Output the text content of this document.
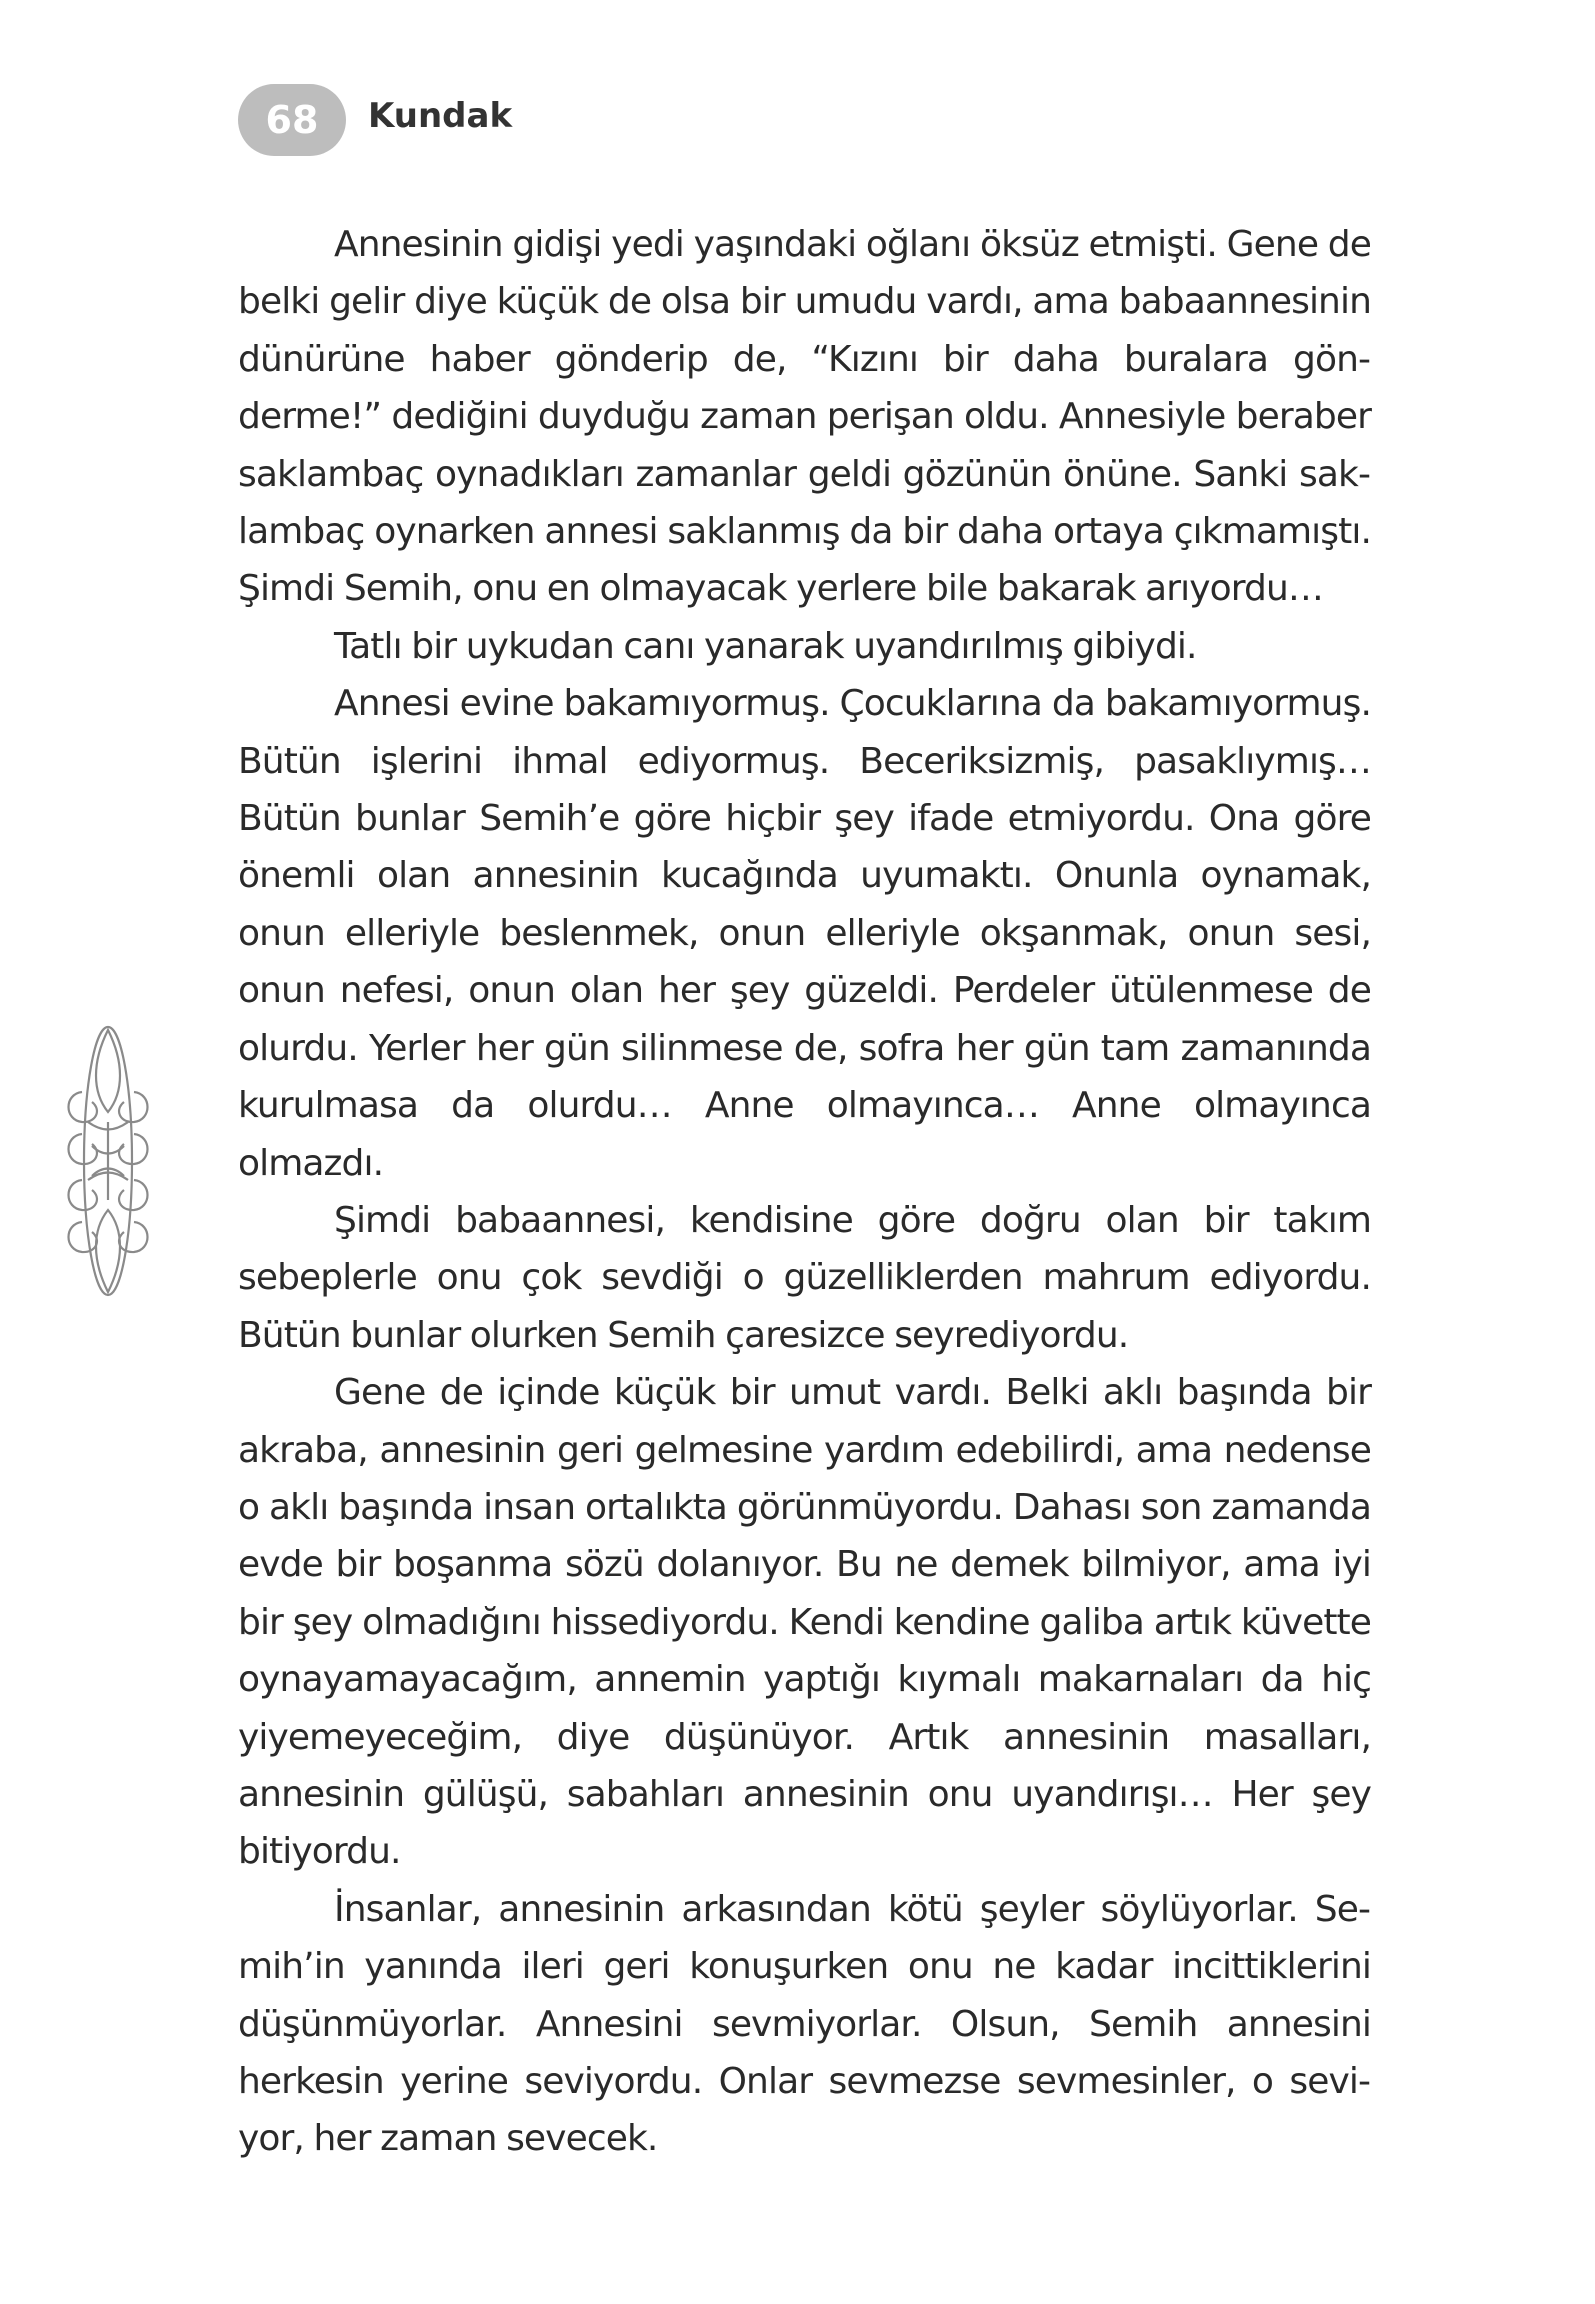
68	Kundak

Annesinin gidişi yedi yaşındaki oğlanı öksüz etmişti. Gene de belki gelir diye küçük de olsa bir umudu vardı, ama babaannesinin dünürüne haber gönderip de, “Kızını bir daha buralara gönderme!” dediğini duyduğu zaman perişan oldu. Annesiyle beraber saklambaç oynadıkları zamanlar geldi gözünün önüne. Sanki saklambaç oynarken annesi saklanmış da bir daha ortaya çıkmamıştı. Şimdi Semih, onu en olmayacak yerlere bile bakarak arıyordu…

Tatlı bir uykudan canı yanarak uyandırılmış gibiydi.

Annesi evine bakamıyormuş. Çocuklarına da bakamıyormuş. Bütün işlerini ihmal ediyormuş. Beceriksizmiş, pasaklıymış… Bütün bunlar Semih’e göre hiçbir şey ifade etmiyordu. Ona göre önemli olan annesinin kucağında uyumaktı. Onunla oynamak, onun elleriyle beslenmek, onun elleriyle okşanmak, onun sesi, onun nefesi, onun olan her şey güzeldi. Perdeler ütülenmese de olurdu. Yerler her gün silinmese de, sofra her gün tam zamanında kurulmasa da olurdu… Anne olmayınca… Anne olmayınca olmazdı.

Şimdi babaannesi, kendisine göre doğru olan bir takım sebeplerle onu çok sevdiği o güzelliklerden mahrum ediyordu. Bütün bunlar olurken Semih çaresizce seyrediyordu.

Gene de içinde küçük bir umut vardı. Belki aklı başında bir akraba, annesinin geri gelmesine yardım edebilirdi, ama nedense o aklı başında insan ortalıkta görünmüyordu. Dahası son zamanda evde bir boşanma sözü dolanıyor. Bu ne demek bilmiyor, ama iyi bir şey olmadığını hissediyordu. Kendi kendine galiba artık küvette oynayamayacağım, annemin yaptığı kıymalı makarnaları da hiç yiyemeyeceğim, diye düşünüyor. Artık annesinin masalları, annesinin gülüşü, sabahları annesinin onu uyandırışı… Her şey bitiyordu.

İnsanlar, annesinin arkasından kötü şeyler söylüyorlar. Semih’in yanında ileri geri konuşurken onu ne kadar incittiklerini düşünmüyorlar. Annesini sevmiyorlar. Olsun, Semih annesini herkesin yerine seviyordu. Onlar sevmezse sevmesinler, o seviyor, her zaman sevecek.
